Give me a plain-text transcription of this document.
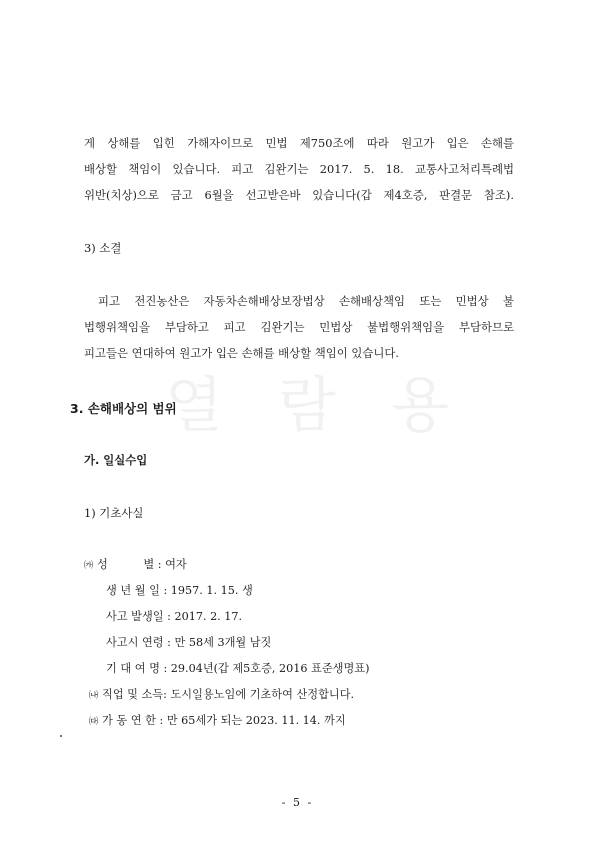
열 람 용
게 상해를 입힌 가해자이므로 민법 제750조에 따라 원고가 입은 손해를
배상할 책임이 있습니다. 피고 김완기는 2017. 5. 18. 교통사고처리특례법
위반(치상)으로 금고 6월을 선고받은바 있습니다(갑 제4호증, 판결문 참조).
3) 소결
피고 전진농산은 자동차손해배상보장법상 손해배상책임 또는 민법상 불
법행위책임을 부담하고 피고 김완기는 민법상 불법행위책임을 부담하므로
피고들은 연대하여 원고가 입은 손해를 배상할 책임이 있습니다.
3. 손해배상의 범위
가. 일실수입
1) 기초사실
㈎ 성          별 : 여자
생 년 월 일 : 1957. 1. 15. 생
사고 발생일 : 2017. 2. 17.
사고시 연령 : 만 58세 3개월 남짓
기 대 여 명 : 29.04년(갑 제5호증, 2016 표준생명표)
㈏ 직업 및 소득: 도시일용노임에 기초하여 산정합니다.
㈐ 가 동 연 한 : 만 65세가 되는 2023. 11. 14. 까지
- 5 -
